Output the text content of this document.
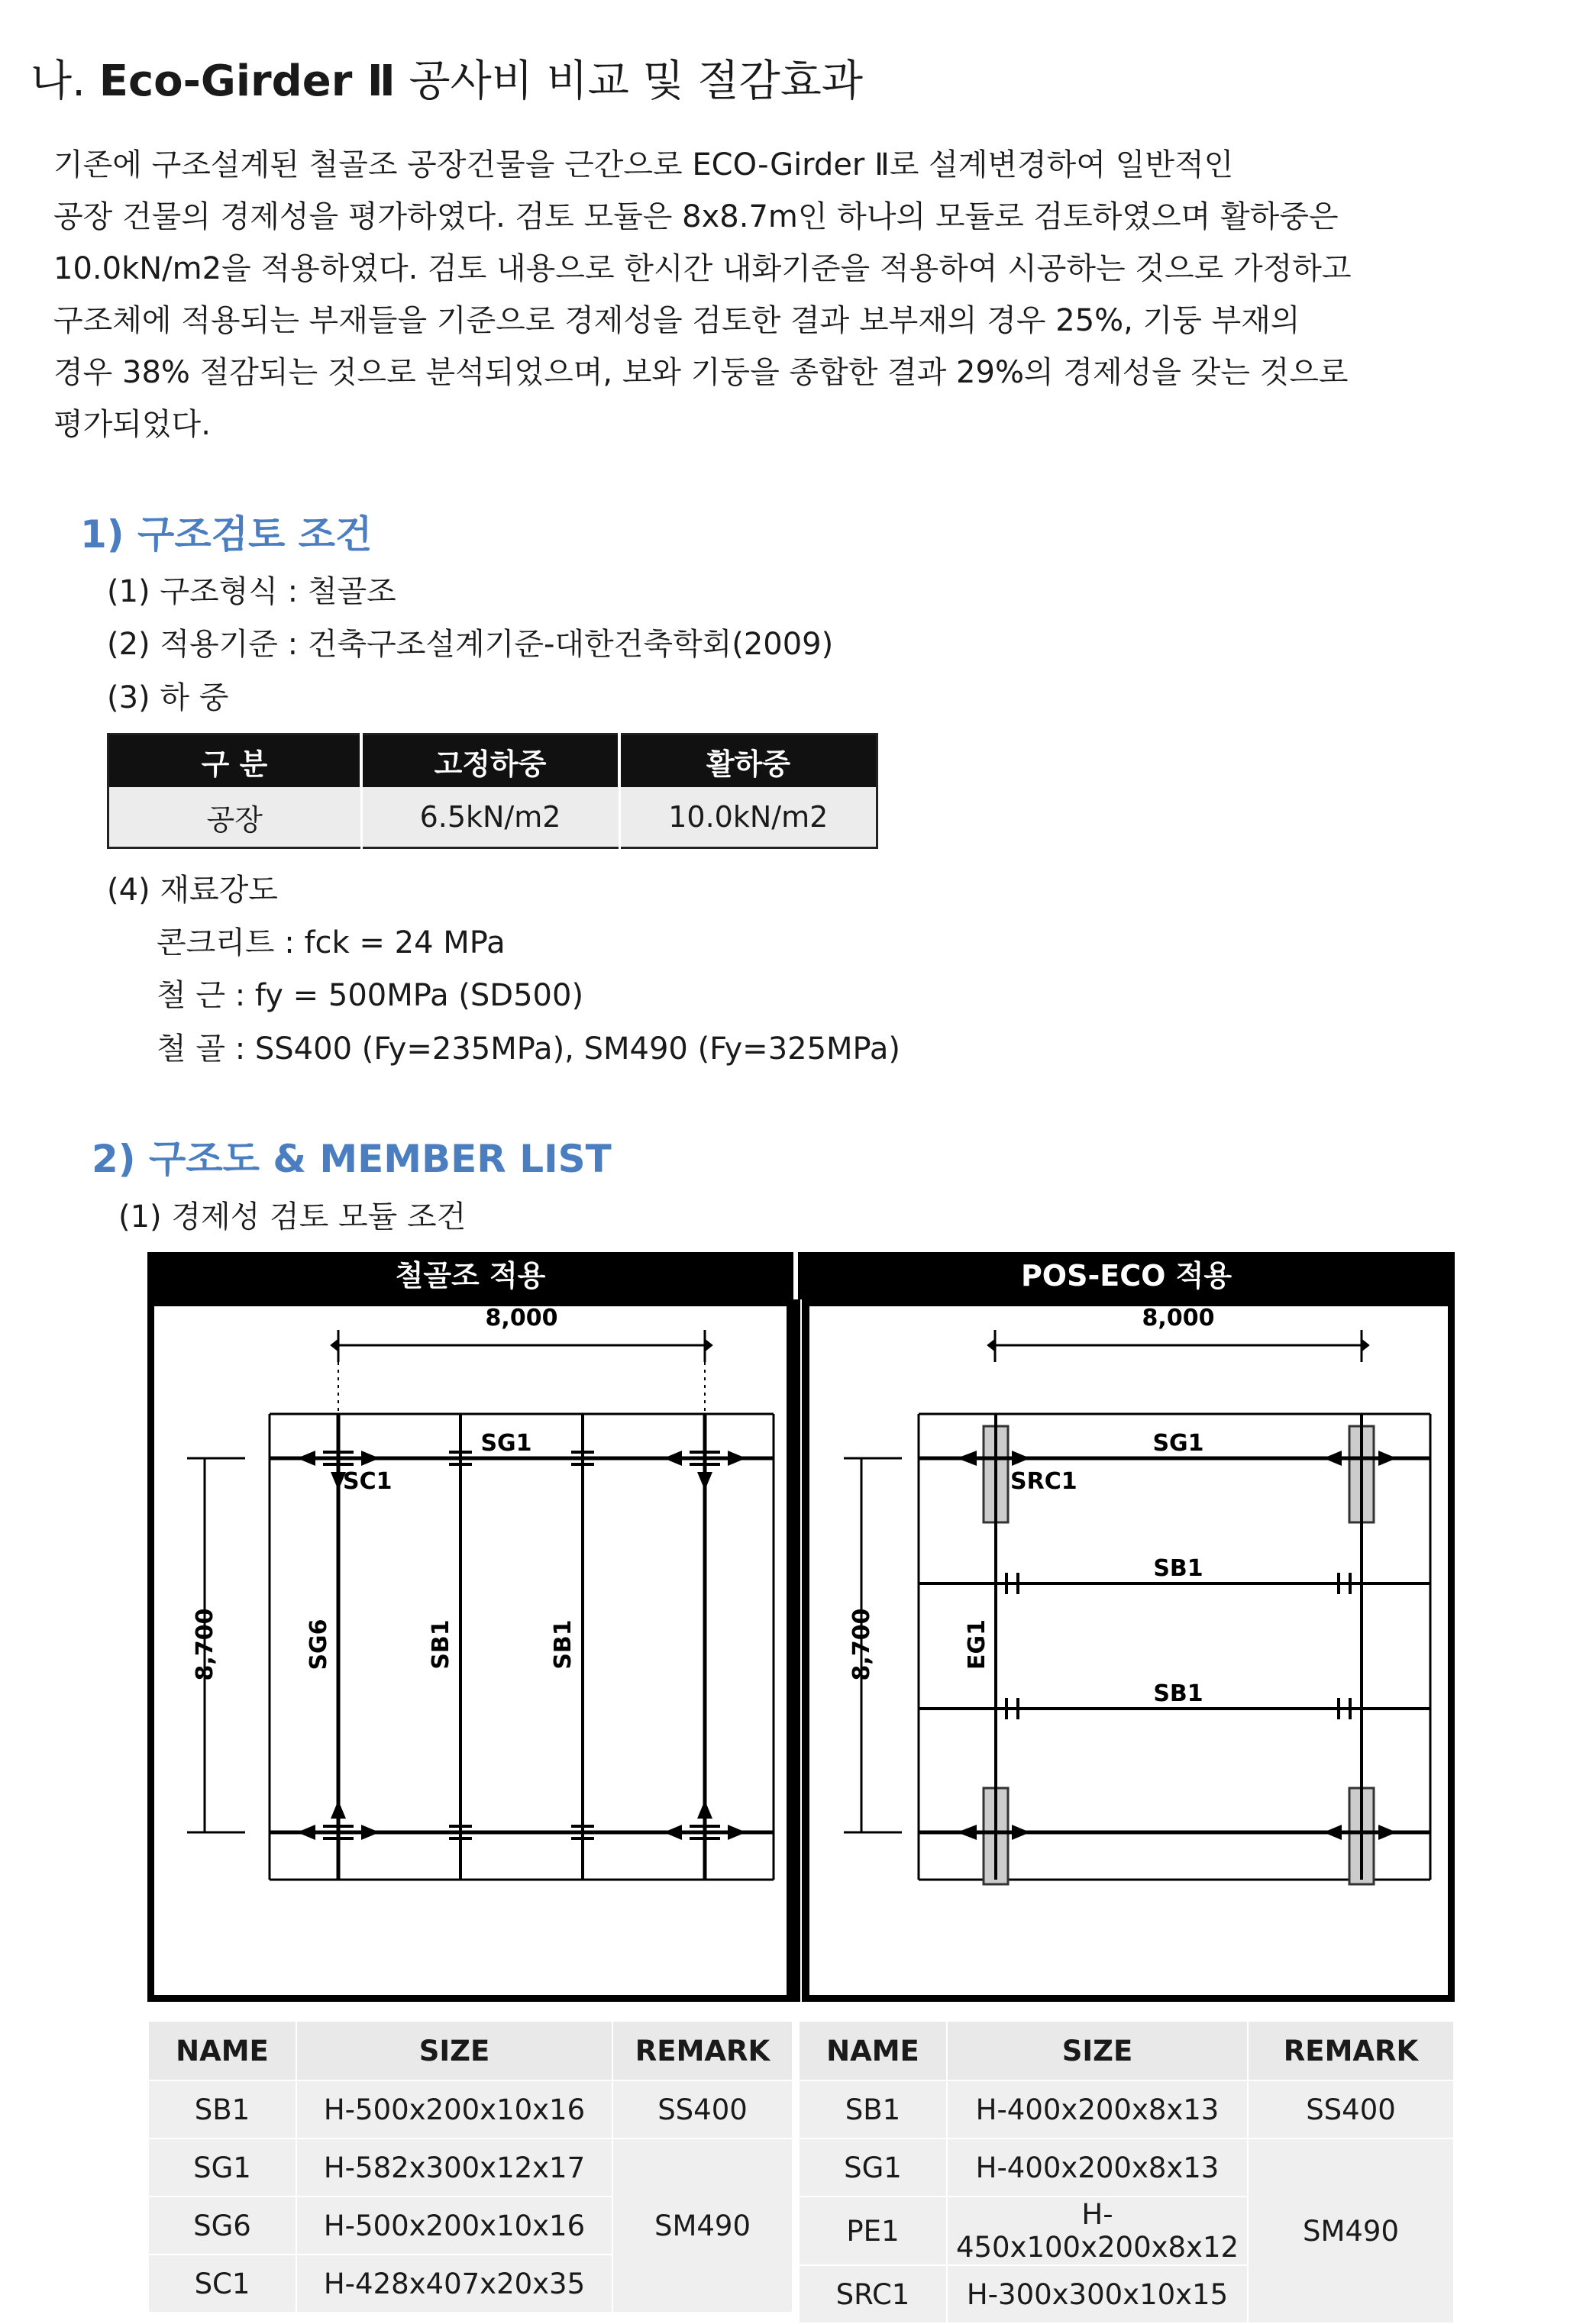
나. Eco-Girder Ⅱ 공사비 비교 및 절감효과

기존에 구조설계된 철골조 공장건물을 근간으로 ECO-Girder Ⅱ로 설계변경하여 일반적인

공장 건물의 경제성을 평가하였다. 검토 모듈은 8x8.7m인 하나의 모듈로 검토하였으며 활하중은

10.0kN/m2을 적용하였다. 검토 내용으로 한시간 내화기준을 적용하여 시공하는 것으로 가정하고

구조체에 적용되는 부재들을 기준으로 경제성을 검토한 결과 보부재의 경우 25%, 기둥 부재의

경우 38% 절감되는 것으로 분석되었으며, 보와 기둥을 종합한 결과 29%의 경제성을 갖는 것으로

평가되었다.

1) 구조검토 조건
(1) 구조형식 : 철골조
(2) 적용기준 : 건축구조설계기준-대한건축학회(2009)
(3) 하 중
구 분	고정하중	활하중
공장	6.5kN/m2	10.0kN/m2
(4) 재료강도
콘크리트 : fck = 24 MPa
철 근 : fy = 500MPa (SD500)
철 골 : SS400 (Fy=235MPa), SM490 (Fy=325MPa)
2) 구조도 & MEMBER LIST
(1) 경제성 검토 모듈 조건
철골조 적용	POS-ECO 적용
8,000
SG1
SC1
8,700	SG6	SB1	SB1
8,000
SG1
SRC1
SB1
SB1
8,700	EG1
NAME	SIZE	REMARK
SB1	H-500x200x10x16	SS400
SG1	H-582x300x12x17	SM490
SG6	H-500x200x10x16	
SC1	H-428x407x20x35	
NAME	SIZE	REMARK
SB1	H-400x200x8x13	SS400
SG1	H-400x200x8x13	SM490
PE1	H-450x100x200x8x12	
SRC1	H-300x300x10x15	
